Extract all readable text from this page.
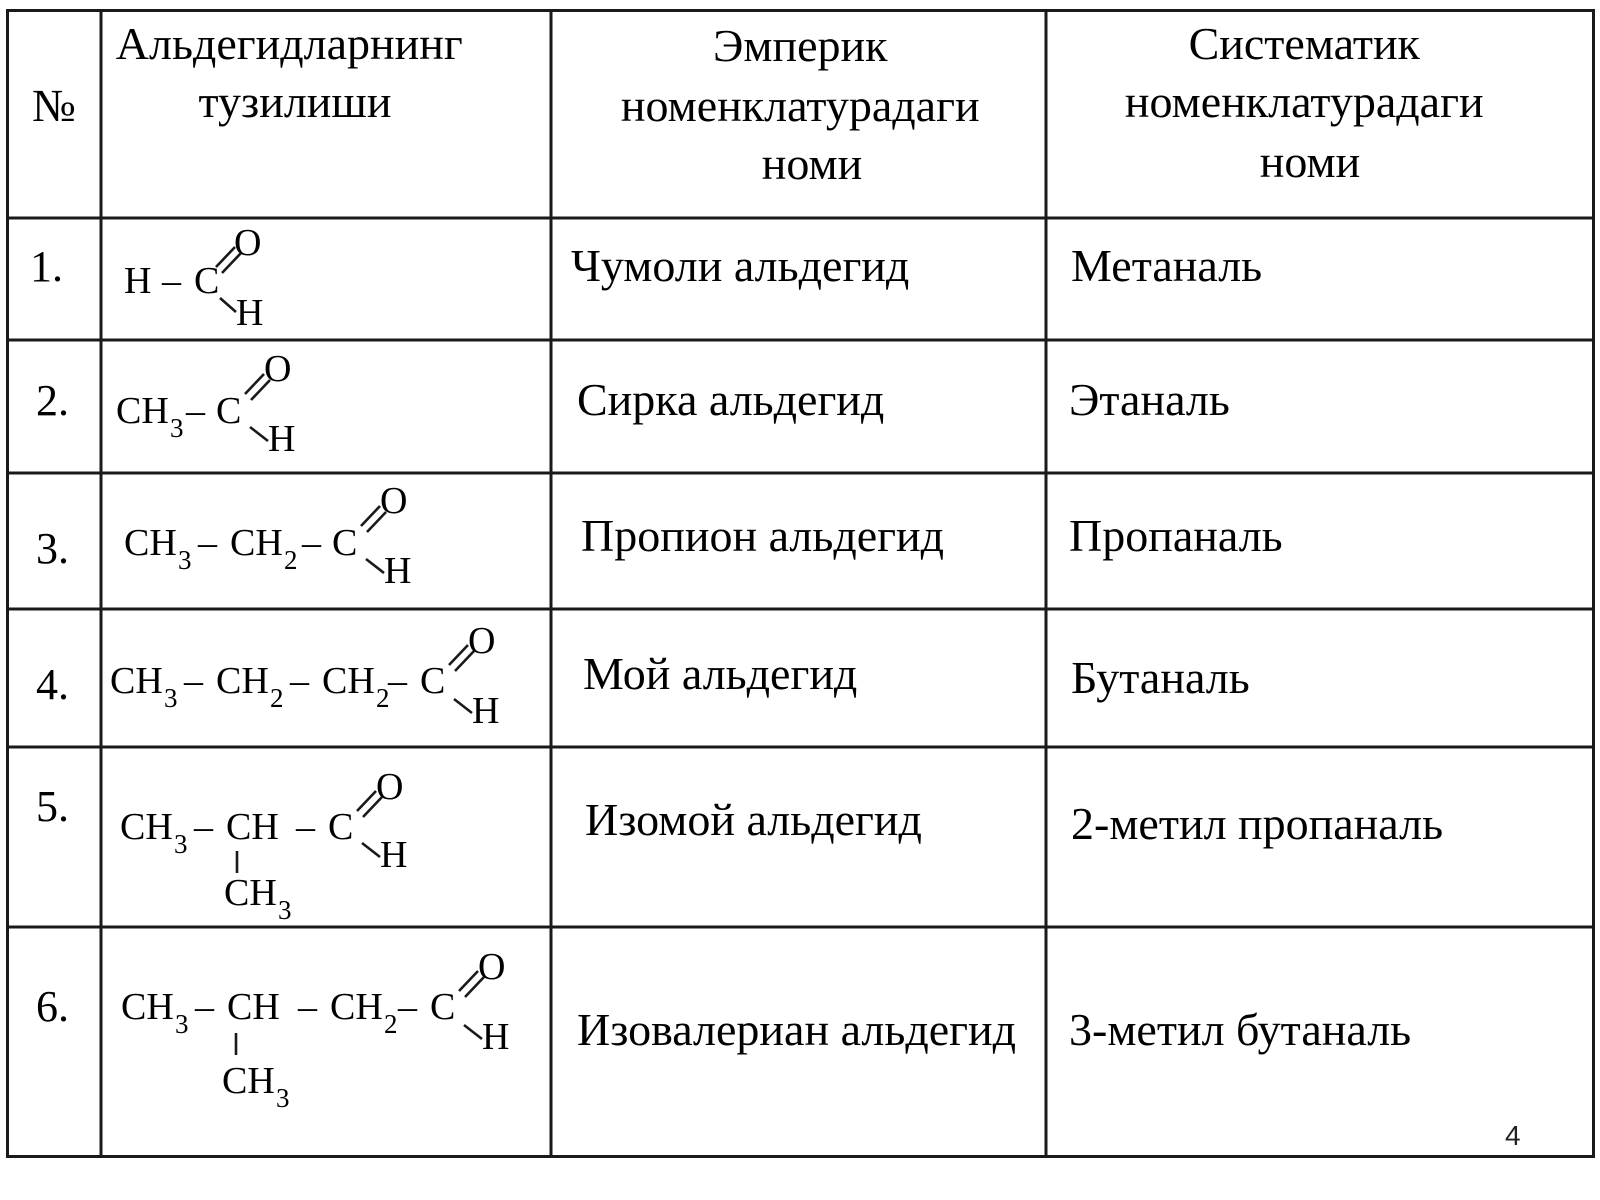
№
Альдегидларнинг тузилиши
Эмперик номенклатурадаги номи
Систематик номенклатурадаги номи
1.
2.
3.
4.
5.
6.
Чумоли альдегид
Сирка альдегид
Пропион альдегид
Мой альдегид
Изомой альдегид
Изовалериан альдегид
Метаналь
Этаналь
Пропаналь
Бутаналь
2-метил пропаналь
3-метил бутаналь
H – C
O
H
CH 3 – C
O
H
CH 3 – CH 2 – C
O
H
CH 3 – CH 2 – CH 2
– C
O
H
CH 3 – CH – C
O
H
CH 3
CH 3 – CH – CH 2 – C
O
H
CH 3
4
